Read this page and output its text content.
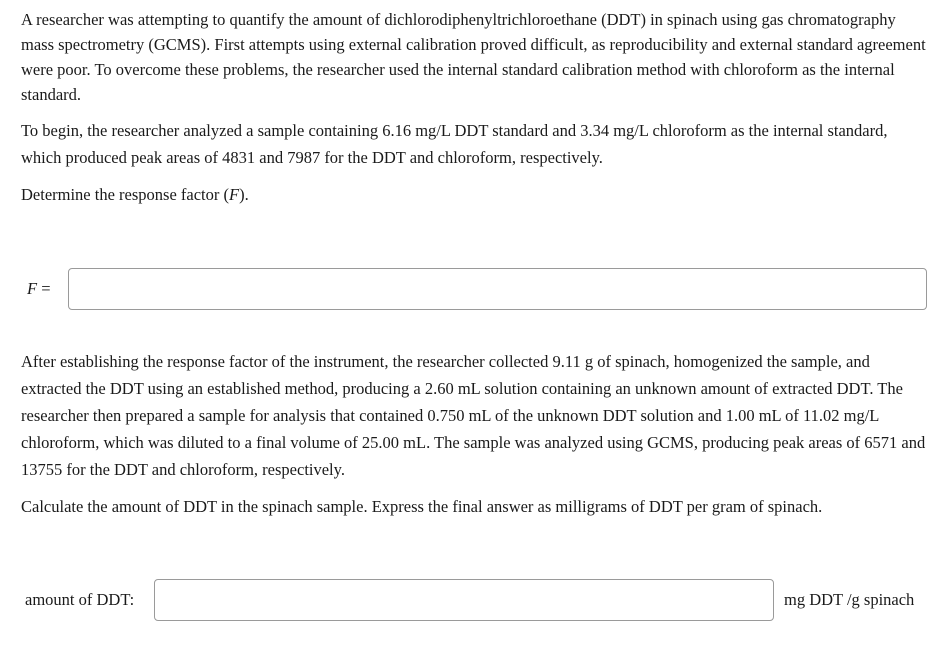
A researcher was attempting to quantify the amount of dichlorodiphenyltrichloroethane (DDT) in spinach using gas chromatography mass spectrometry (GCMS). First attempts using external calibration proved difficult, as reproducibility and external standard agreement were poor. To overcome these problems, the researcher used the internal standard calibration method with chloroform as the internal standard.

To begin, the researcher analyzed a sample containing 6.16 mg/L DDT standard and 3.34 mg/L chloroform as the internal standard, which produced peak areas of 4831 and 7987 for the DDT and chloroform, respectively.

Determine the response factor (F).

F =

After establishing the response factor of the instrument, the researcher collected 9.11 g of spinach, homogenized the sample, and extracted the DDT using an established method, producing a 2.60 mL solution containing an unknown amount of extracted DDT. The researcher then prepared a sample for analysis that contained 0.750 mL of the unknown DDT solution and 1.00 mL of 11.02 mg/L chloroform, which was diluted to a final volume of 25.00 mL. The sample was analyzed using GCMS, producing peak areas of 6571 and 13755 for the DDT and chloroform, respectively.

Calculate the amount of DDT in the spinach sample. Express the final answer as milligrams of DDT per gram of spinach.

amount of DDT:	mg DDT /g spinach
